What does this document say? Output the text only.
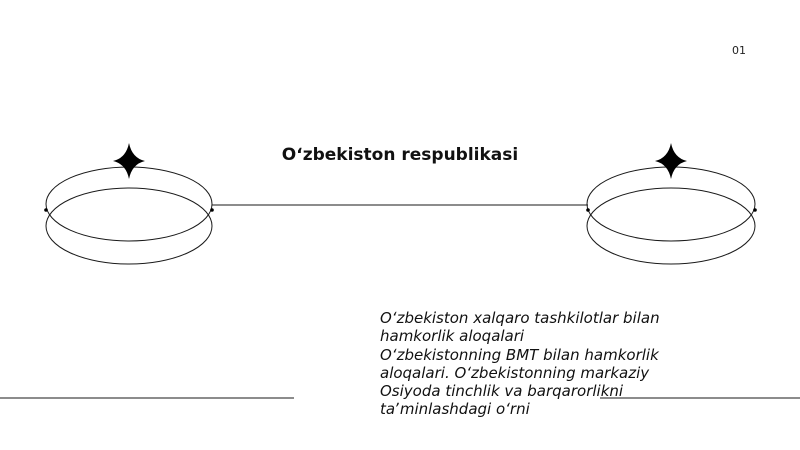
01
Oʻzbekiston respublikasi

Oʻzbekiston xalqaro tashkilotlar bilan
hamkorlik aloqalari
Oʻzbekistonning BMT bilan hamkorlik
aloqalari. Oʻzbekistonning markaziy
Osiyoda tinchlik va barqarorlikni
taʼminlashdagi oʻrni
